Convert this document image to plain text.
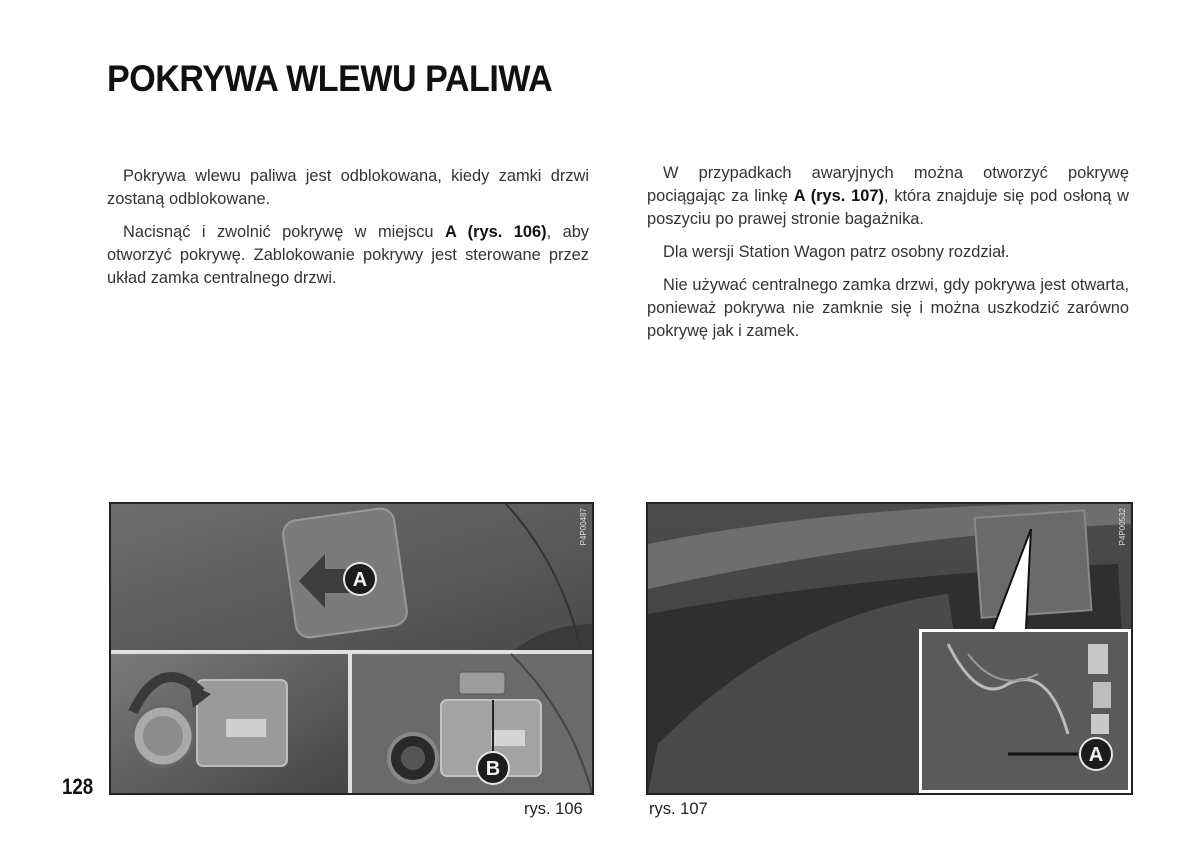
POKRYWA WLEWU PALIWA

Pokrywa wlewu paliwa jest odblokowana, kiedy zamki drzwi zostaną odblokowane.

Nacisnąć i zwolnić pokrywę w miejscu A (rys. 106), aby otworzyć pokrywę. Zablokowanie pokrywy jest sterowane przez układ zamka centralnego drzwi.

W przypadkach awaryjnych można otworzyć pokrywę pociągając za linkę A (rys. 107), która znajduje się pod osłoną w poszyciu po prawej stronie bagażnika.

Dla wersji Station Wagon patrz osobny rozdział.

Nie używać centralnego zamka drzwi, gdy pokrywa jest otwarta, ponieważ pokrywa nie zamknie się i można uszkodzić zarówno pokrywę jak i zamek.

A
B
P4P00487
A
P4P00532
rys. 106	rys. 107
128
